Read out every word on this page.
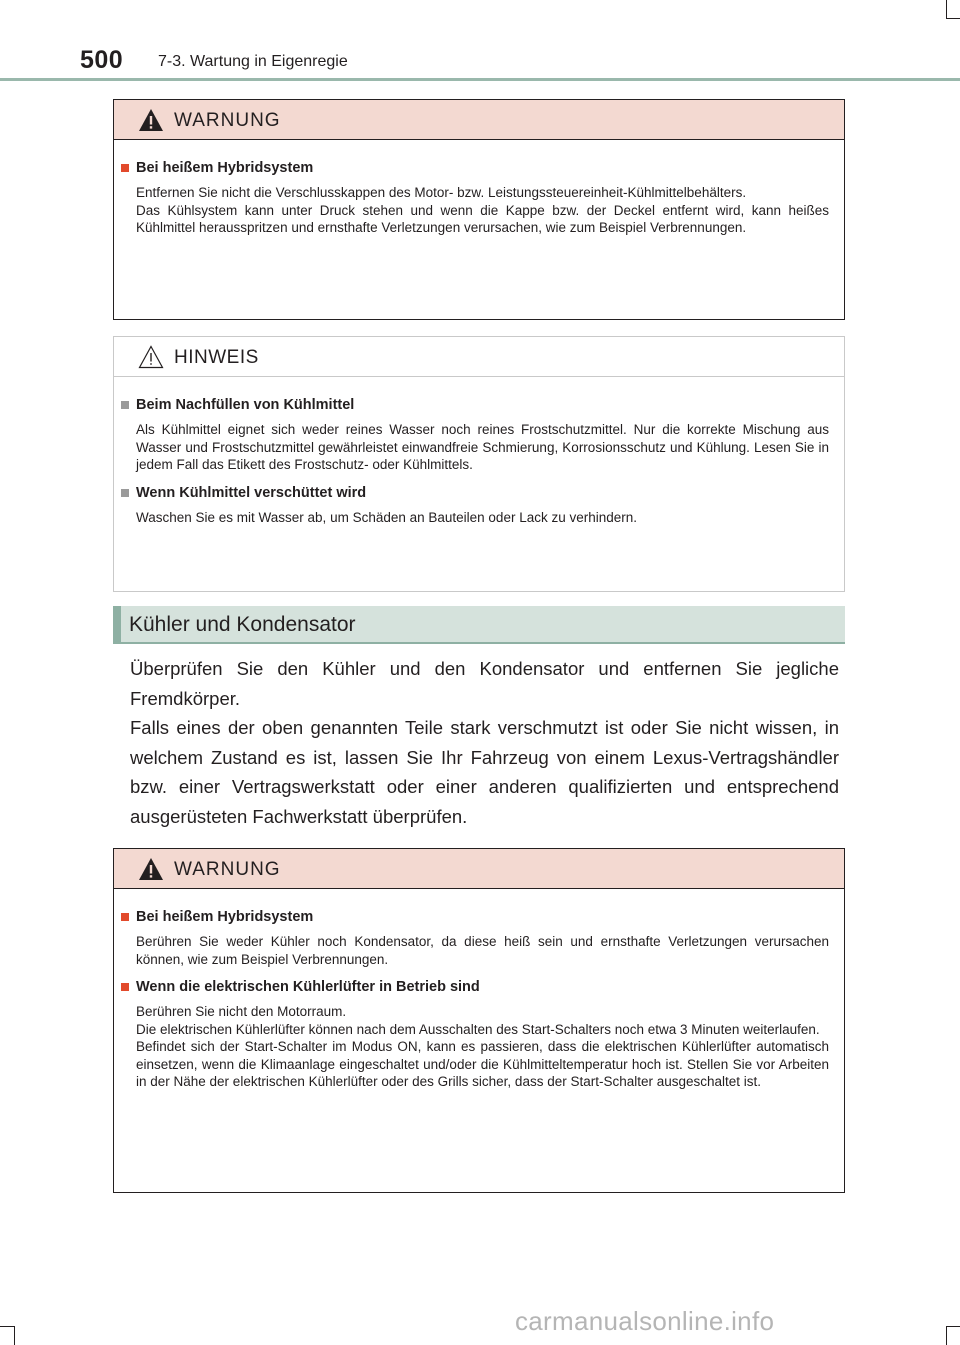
500 7-3. Wartung in Eigenregie
WARNUNG
Bei heißem Hybridsystem

Entfernen Sie nicht die Verschlusskappen des Motor- bzw. Leistungssteuereinheit-Kühlmittelbehälters.

Das Kühlsystem kann unter Druck stehen und wenn die Kappe bzw. der Deckel entfernt wird, kann heißes Kühlmittel herausspritzen und ernsthafte Verletzungen verursachen, wie zum Beispiel Verbrennungen.

HINWEIS
Beim Nachfüllen von Kühlmittel

Als Kühlmittel eignet sich weder reines Wasser noch reines Frostschutzmittel. Nur die korrekte Mischung aus Wasser und Frostschutzmittel gewährleistet einwandfreie Schmierung, Korrosionsschutz und Kühlung. Lesen Sie in jedem Fall das Etikett des Frostschutz- oder Kühlmittels.

Wenn Kühlmittel verschüttet wird

Waschen Sie es mit Wasser ab, um Schäden an Bauteilen oder Lack zu verhindern.

Kühler und Kondensator

Überprüfen Sie den Kühler und den Kondensator und entfernen Sie jegliche Fremdkörper.

Falls eines der oben genannten Teile stark verschmutzt ist oder Sie nicht wissen, in welchem Zustand es ist, lassen Sie Ihr Fahrzeug von einem Lexus-Vertragshändler bzw. einer Vertragswerkstatt oder einer anderen qualifizierten und entsprechend ausgerüsteten Fachwerkstatt überprüfen.

WARNUNG
Bei heißem Hybridsystem

Berühren Sie weder Kühler noch Kondensator, da diese heiß sein und ernsthafte Verletzungen verursachen können, wie zum Beispiel Verbrennungen.

Wenn die elektrischen Kühlerlüfter in Betrieb sind

Berühren Sie nicht den Motorraum.

Die elektrischen Kühlerlüfter können nach dem Ausschalten des Start-Schalters noch etwa 3 Minuten weiterlaufen.

Befindet sich der Start-Schalter im Modus ON, kann es passieren, dass die elektrischen Kühlerlüfter automatisch einsetzen, wenn die Klimaanlage eingeschaltet und/oder die Kühlmitteltemperatur hoch ist. Stellen Sie vor Arbeiten in der Nähe der elektrischen Kühlerlüfter oder des Grills sicher, dass der Start-Schalter ausgeschaltet ist.

carmanualsonline.info
